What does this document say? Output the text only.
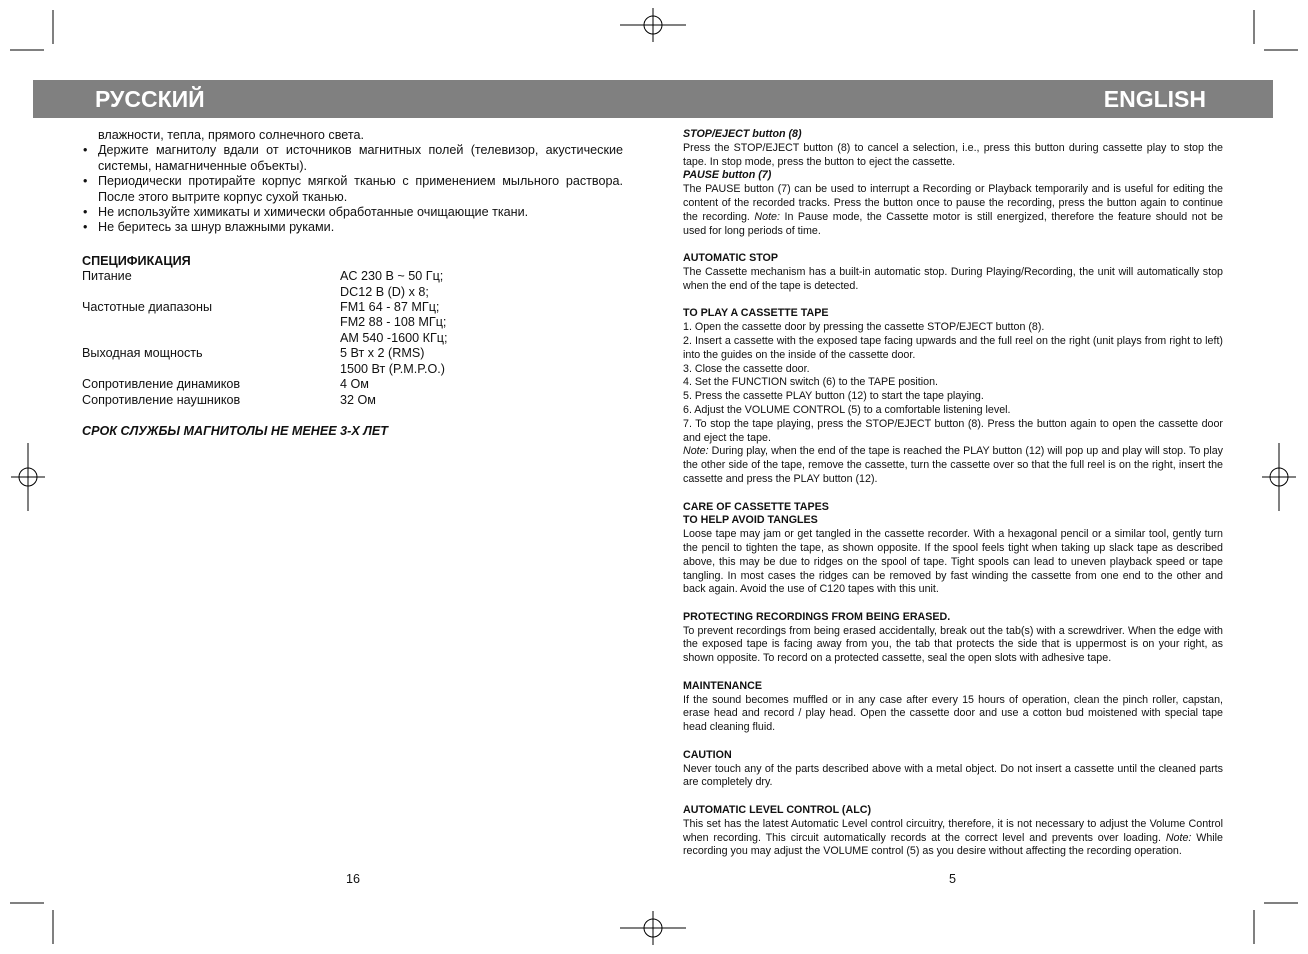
РУССКИЙ	ENGLISH

влажности, тепла, прямого солнечного света.

• Держите магнитолу вдали от источников магнитных полей (телевизор, акустические системы, намагниченные объекты).
• Периодически протирайте корпус мягкой тканью с применением мыльного раствора. После этого вытрите корпус сухой тканью.
• Не используйте химикаты и химически обработанные очищающие ткани.
• Не беритесь за шнур влажными руками.

СПЕЦИФИКАЦИЯ

Питание	AC 230 В ~ 50 Гц;
DC12 В (D) x 8;
Частотные диапазоны	FM1 64 - 87 МГц;
FM2 88 - 108 МГц;
AM 540 -1600 КГц;
Выходная мощность	5 Вт x 2 (RMS)
1500 Вт (P.M.P.O.)
Сопротивление динамиков	4 Ом
Сопротивление наушников	32 Ом

СРОК СЛУЖБЫ МАГНИТОЛЫ НЕ МЕНЕЕ 3-Х ЛЕТ

STOP/EJECT button (8)

Press the STOP/EJECT button (8) to cancel a selection, i.e., press this button during cassette play to stop the tape. In stop mode, press the button to eject the cassette.

PAUSE button (7)

The PAUSE button (7) can be used to interrupt a Recording or Playback temporarily and is useful for editing the content of the recorded tracks. Press the button once to pause the recording, press the button again to continue the recording. Note: In Pause mode, the Cassette motor is still energized, therefore the feature should not be used for long periods of time.

AUTOMATIC STOP

The Cassette mechanism has a built-in automatic stop. During Playing/Recording, the unit will automatically stop when the end of the tape is detected.

TO PLAY A CASSETTE TAPE

1. Open the cassette door by pressing the cassette STOP/EJECT button (8).

2. Insert a cassette with the exposed tape facing upwards and the full reel on the right (unit plays from right to left) into the guides on the inside of the cassette door.

3. Close the cassette door.

4. Set the FUNCTION switch (6) to the TAPE position.

5. Press the cassette PLAY button (12) to start the tape playing.

6. Adjust the VOLUME CONTROL (5) to a comfortable listening level.

7. To stop the tape playing, press the STOP/EJECT button (8). Press the button again to open the cassette door and eject the tape.

Note: During play, when the end of the tape is reached the PLAY button (12) will pop up and play will stop. To play the other side of the tape, remove the cassette, turn the cassette over so that the full reel is on the right, insert the cassette and press the PLAY button (12).

CARE OF CASSETTE TAPES
TO HELP AVOID TANGLES

Loose tape may jam or get tangled in the cassette recorder. With a hexagonal pencil or a similar tool, gently turn the pencil to tighten the tape, as shown opposite. If the spool feels tight when taking up slack tape as described above, this may be due to ridges on the spool of tape. Tight spools can lead to uneven playback speed or tape tangling. In most cases the ridges can be removed by fast winding the cassette from one end to the other and back again. Avoid the use of C120 tapes with this unit.

PROTECTING RECORDINGS FROM BEING ERASED.

To prevent recordings from being erased accidentally, break out the tab(s) with a screwdriver. When the edge with the exposed tape is facing away from you, the tab that protects the side that is uppermost is on your right, as shown opposite. To record on a protected cassette, seal the open slots with adhesive tape.

MAINTENANCE

If the sound becomes muffled or in any case after every 15 hours of operation, clean the pinch roller, capstan, erase head and record / play head. Open the cassette door and use a cotton bud moistened with special tape head cleaning fluid.

CAUTION

Never touch any of the parts described above with a metal object. Do not insert a cassette until the cleaned parts are completely dry.

AUTOMATIC LEVEL CONTROL (ALC)

This set has the latest Automatic Level control circuitry, therefore, it is not necessary to adjust the Volume Control when recording. This circuit automatically records at the correct level and prevents over loading. Note: While recording you may adjust the VOLUME control (5) as you desire without affecting the recording operation.

16	5
